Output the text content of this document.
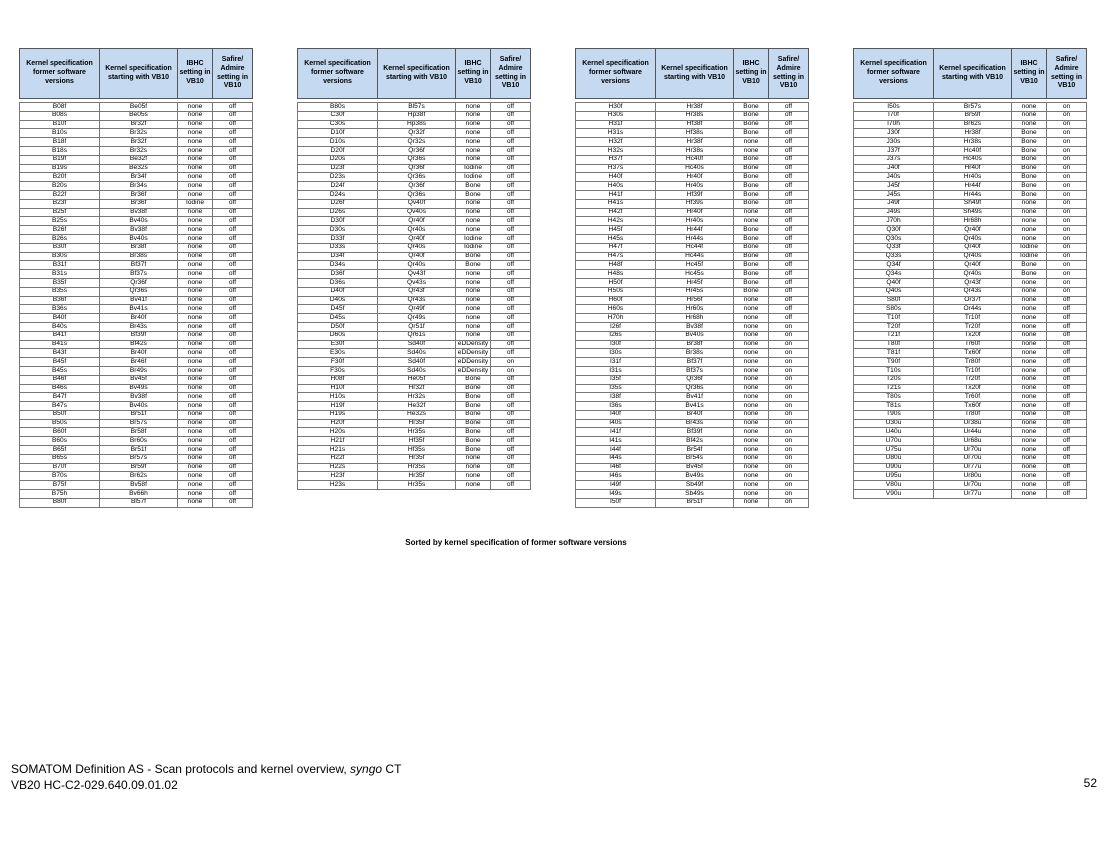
Kernel specification former software versions	Kernel specification starting with VB10	IBHC setting in VB10	Safire/ Admire setting in VB10

B08f	Be05f	none	off
B08s	Be05s	none	off
B10f	Br32f	none	off
B10s	Br32s	none	off
B18f	Br32f	none	off
B18s	Br32s	none	off
B19f	Be32f	none	off
B19s	Be32s	none	off
B20f	Br34f	none	off
B20s	Br34s	none	off
B22f	Br36f	none	off
B23f	Br36f	Iodine	off
B25f	Bv38f	none	off
B25s	Bv40s	none	off
B26f	Bv38f	none	off
B26s	Bv40s	none	off
B30f	Br38f	none	off
B30s	Br38s	none	off
B31f	Bf37f	none	off
B31s	Bf37s	none	off
B35f	Qr36f	none	off
B35s	Qr36s	none	off
B36f	Bv41f	none	off
B36s	Bv41s	none	off
B40f	Br40f	none	off
B40s	Br43s	none	off
B41f	Bf39f	none	off
B41s	Bf42s	none	off
B43f	Br40f	none	off
B45f	Br46f	none	off
B45s	Br49s	none	off
B46f	Bv45f	none	off
B46s	Bv49s	none	off
B47f	Bv38f	none	off
B47s	Bv40s	none	off
B50f	Br51f	none	off
B50s	Br57s	none	off
B60f	Br58f	none	off
B60s	Br60s	none	off
B65f	Br51f	none	off
B65s	Br57s	none	off
B70f	Br59f	none	off
B70s	Br62s	none	off
B75f	Bv58f	none	off
B75h	Bv66h	none	off
B80f	Bl57f	none	off
Kernel specification former software versions	Kernel specification starting with VB10	IBHC setting in VB10	Safire/ Admire setting in VB10

B80s	Bl57s	none	off
C30f	Hp38f	none	off
C30s	Hp38s	none	off
D10f	Qr32f	none	off
D10s	Qr32s	none	off
D20f	Qr36f	none	off
D20s	Qr36s	none	off
D23f	Qr36f	Iodine	off
D23s	Qr36s	Iodine	off
D24f	Qr36f	Bone	off
D24s	Qr36s	Bone	off
D26f	Qv40f	none	off
D26s	Qv40s	none	off
D30f	Qr40f	none	off
D30s	Qr40s	none	off
D33f	Qr40f	Iodine	off
D33s	Qr40s	Iodine	off
D34f	Qr40f	Bone	off
D34s	Qr40s	Bone	off
D36f	Qv43f	none	off
D36s	Qv43s	none	off
D40f	Qr43f	none	off
D40s	Qr43s	none	off
D45f	Qr49f	none	off
D45s	Qr49s	none	off
D50f	Qr51f	none	off
D60s	Qr61s	none	off
E30f	Sd40f	eDDensity	off
E30s	Sd40s	eDDensity	off
F30f	Sd40f	eDDensity	on
F30s	Sd40s	eDDensity	on
H08f	He05f	Bone	off
H10f	Hr32f	Bone	off
H10s	Hr32s	Bone	off
H19f	He32f	Bone	off
H19s	He32s	Bone	off
H20f	Hr35f	Bone	off
H20s	Hr35s	Bone	off
H21f	Hf35f	Bone	off
H21s	Hf35s	Bone	off
H22f	Hr35f	none	off
H22s	Hr35s	none	off
H23f	Hr35f	none	off
H23s	Hr35s	none	off
Kernel specification former software versions	Kernel specification starting with VB10	IBHC setting in VB10	Safire/ Admire setting in VB10

H30f	Hr38f	Bone	off
H30s	Hr38s	Bone	off
H31f	Hf38f	Bone	off
H31s	Hf38s	Bone	off
H32f	Hr38f	none	off
H32s	Hr38s	none	off
H37f	Hc40f	Bone	off
H37s	Hc40s	Bone	off
H40f	Hr40f	Bone	off
H40s	Hr40s	Bone	off
H41f	Hf39f	Bone	off
H41s	Hf39s	Bone	off
H42f	Hr40f	none	off
H42s	Hr40s	none	off
H45f	Hr44f	Bone	off
H45s	Hr44s	Bone	off
H47f	Hc44f	Bone	off
H47s	Hc44s	Bone	off
H48f	Hc45f	Bone	off
H48s	Hc45s	Bone	off
H50f	Hr45f	Bone	off
H50s	Hr45s	Bone	off
H60f	Hr56f	none	off
H60s	Hr60s	none	off
H70h	Hr68h	none	off
I26f	Bv38f	none	on
I26s	Bv40s	none	on
I30f	Br38f	none	on
I30s	Br38s	none	on
I31f	Bf37f	none	on
I31s	Bf37s	none	on
I35f	Qr36f	none	on
I35s	Qr36s	none	on
I38f	Bv41f	none	on
I36s	Bv41s	none	on
I40f	Br40f	none	on
I40s	Br43s	none	on
I41f	Bf39f	none	on
I41s	Bf42s	none	on
I44f	Br54f	none	on
I44s	Br54s	none	on
I46f	Bv45f	none	on
I46s	Bv49s	none	on
I49f	Sb49f	none	on
I49s	Sb49s	none	on
I50f	Br51f	none	on
Kernel specification former software versions	Kernel specification starting with VB10	IBHC setting in VB10	Safire/ Admire setting in VB10

I50s	Br57s	none	on
I70f	Br59f	none	on
I70h	Br62s	none	on
J30f	Hr38f	Bone	on
J30s	Hr38s	Bone	on
J37f	Hc40f	Bone	on
J37s	Hc40s	Bone	on
J40f	Hr40f	Bone	on
J40s	Hr40s	Bone	on
J45f	Hr44f	Bone	on
J45s	Hr44s	Bone	on
J49f	Sh49f	none	on
J49s	Sh49s	none	on
J70h	Hr68h	none	on
Q30f	Qr40f	none	on
Q30s	Qr40s	none	on
Q33f	Qr40f	Iodine	on
Q33s	Qr40s	Iodine	on
Q34f	Qr40f	Bone	on
Q34s	Qr40s	Bone	on
Q40f	Qr43f	none	on
Q40s	Qr43s	none	on
S80f	Or37f	none	off
S80s	Or44s	none	off
T10f	Tr10f	none	off
T20f	Tr20f	none	off
T21f	Tx20f	none	off
T80f	Tr60f	none	off
T81f	Tx60f	none	off
T90f	Tr80f	none	off
T10s	Tr10f	none	off
T20s	Tr20f	none	off
T21s	Tx20f	none	off
T80s	Tr60f	none	off
T81s	Tx60f	none	off
T90s	Tr80f	none	off
U30u	Ur38u	none	off
U40u	Ur44u	none	off
U70u	Ur68u	none	off
U75u	Ur70u	none	off
U80u	Ur70u	none	off
U90u	Ur77u	none	off
U95u	Ur80u	none	off
V80u	Ur70u	none	off
V90u	Ur77u	none	off
Sorted by kernel specification of former software versions
SOMATOM Definition AS - Scan protocols and kernel overview, syngo CT
VB20 HC-C2-029.640.09.01.02	52
